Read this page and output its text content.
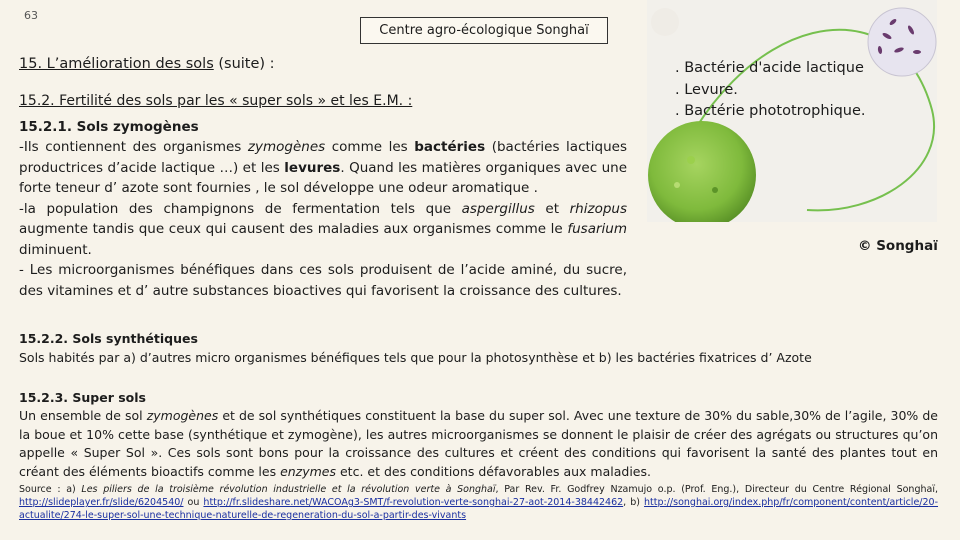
63
Centre agro-écologique Songhaï
15. L’amélioration des sols (suite) :
15.2. Fertilité des sols par les « super sols » et les E.M. :
15.2.1. Sols zymogènes

-Ils contiennent des organismes zymogènes comme les bactéries (bactéries lactiques productrices d’acide lactique …) et les levures. Quand les matières organiques avec une forte teneur d’ azote sont fournies , le sol développe une odeur aromatique .

-la population des champignons de fermentation tels que aspergillus et rhizopus augmente tandis que ceux qui causent des maladies aux organismes comme le fusarium diminuent.

- Les microorganismes bénéfiques dans ces sols produisent de l’acide aminé, du sucre, des vitamines et d’ autre substances bioactives qui favorisent la croissance des cultures.

. Bactérie d'acide lactique
. Levure.
. Bactérie phototrophique.
© Songhaï
15.2.2. Sols synthétiques
Sols habités par a) d’autres micro organismes bénéfiques tels que pour la photosynthèse et b) les bactéries fixatrices d’ Azote
15.2.3. Super sols
Un ensemble de sol zymogènes et de sol synthétiques constituent la base du super sol. Avec une texture de 30% du sable,30% de l’agile, 30% de la boue et 10% cette base (synthétique et zymogène), les autres microorganismes se donnent le plaisir de créer des agrégats ou structures qu’on appelle « Super Sol ». Ces sols sont bons pour la croissance des cultures et créent des conditions qui favorisent la santé des plantes tout en créant des éléments bioactifs comme les enzymes etc. et des conditions défavorables aux maladies.
Source : a) Les piliers de la troisième révolution industrielle et la révolution verte à Songhaï, Par Rev. Fr. Godfrey Nzamujo o.p. (Prof. Eng.), Directeur du Centre Régional Songhaï, http://slideplayer.fr/slide/6204540/ ou http://fr.slideshare.net/WACOAg3-SMT/f-revolution-verte-songhai-27-aot-2014-38442462, b) http://songhai.org/index.php/fr/component/content/article/20-actualite/274-le-super-sol-une-technique-naturelle-de-regeneration-du-sol-a-partir-des-vivants
